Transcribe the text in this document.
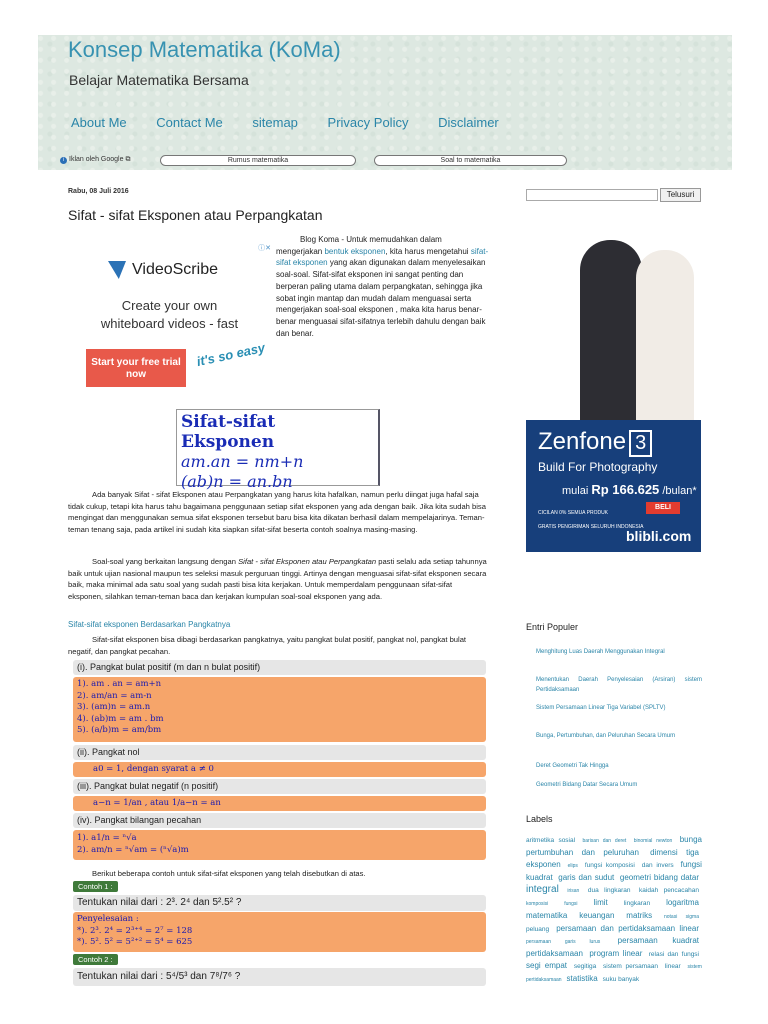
Konsep Matematika (KoMa)
Belajar Matematika Bersama
About Me Contact Me sitemap Privacy Policy Disclaimer
i Iklan oleh Google ⧉	Rumus matematika	Soal to matematika
Rabu, 08 Juli 2016
Sifat - sifat Eksponen atau Perpangkatan
ⓘ✕
VideoScribe
Create your own
whiteboard videos - fast
Start your free trial now
it's so easy
Blog Koma - Untuk memudahkan dalam mengerjakan bentuk eksponen, kita harus mengetahui sifat-sifat eksponen yang akan digunakan dalam menyelesaikan soal-soal. Sifat-sifat eksponen ini sangat penting dan berperan paling utama dalam perpangkatan, sehingga jika sobat ingin mantap dan mudah dalam menguasai serta mengerjakan soal-soal eksponen , maka kita harus benar-benar menguasai sifat-sifatnya terlebih dahulu dengan baik dan benar.
Sifat-sifat Eksponen
am.an = nm+n
(ab)n = an.bn
Ada banyak Sifat - sifat Eksponen atau Perpangkatan yang harus kita hafalkan, namun perlu diingat juga hafal saja tidak cukup, tetapi kita harus tahu bagaimana penggunaan setiap sifat eksponen yang ada dengan baik. Jika kita sudah bisa mengingat dan menggunakan semua sifat eksponen tersebut baru bisa kita dikatan berhasil dalam mempelajarinya. Teman-teman tenang saja, pada artikel ini sudah kita siapkan sifat-sifat beserta contoh soalnya masing-masing.
Soal-soal yang berkaitan langsung dengan Sifat - sifat Eksponen atau Perpangkatan pasti selalu ada setiap tahunnya baik untuk ujian nasional maupun tes seleksi masuk perguruan tinggi. Artinya dengan menguasai sifat-sifat eksponen secara baik, maka minimal ada satu soal yang sudah pasti bisa kita kerjakan. Untuk memperdalam penggunaan sifat-sifat eksponen, silahkan teman-teman baca dan kerjakan kumpulan soal-soal eksponen yang ada.
Sifat-sifat eksponen Berdasarkan Pangkatnya
Sifat-sifat eksponen bisa dibagi berdasarkan pangkatnya, yaitu pangkat bulat positif, pangkat nol, pangkat bulat negatif, dan pangkat pecahan.
(i). Pangkat bulat positif (m dan n bulat positif)
1). am . an = am+n
2). am/an = am-n
3). (am)n = am.n
4). (ab)m = am . bm
5). (a/b)m = am/bm
(ii). Pangkat nol
a0 = 1, dengan syarat a ≠ 0
(iii). Pangkat bulat negatif (n positif)
a−n = 1/an , atau 1/a−n = an
(iv). Pangkat bilangan pecahan
1). a1/n = ⁿ√a
2). am/n = ⁿ√am = (ⁿ√a)m
Berikut beberapa contoh untuk sifat-sifat eksponen yang telah disebutkan di atas.
Contoh 1 :
Tentukan nilai dari : 2³. 2⁴ dan 5².5² ?
Penyelesaian :
*). 2³. 2⁴ = 2³⁺⁴ = 2⁷ = 128
*). 5². 5² = 5²⁺² = 5⁴ = 625
Contoh 2 :
Tentukan nilai dari : 5⁴/5³ dan 7⁸/7⁶ ?
Telusuri
Zenfone 3
Build For Photography
mulai Rp 166.625 /bulan*
CICILAN 0% SEMUA PRODUK
GRATIS PENGIRIMAN SELURUH INDONESIA
BELI
blibli.com
Entri Populer
Menghitung Luas Daerah Menggunakan Integral
Menentukan Daerah Penyelesaian (Arsiran) sistem Pertidaksamaan
Sistem Persamaan Linear Tiga Variabel (SPLTV)
Bunga, Pertumbuhan, dan Peluruhan Secara Umum
Deret Geometri Tak Hingga
Geometri Bidang Datar Secara Umum
Labels
aritmetika sosial barisan dan deret binomial newton bunga pertumbuhan dan peluruhan dimensi tiga eksponen elips fungsi komposisi dan invers fungsi kuadrat garis dan sudut geometri bidang datar integral irisan dua lingkaran kaidah pencacahan komposisi	fungsi limit lingkaran logaritma matematika keuangan matriks notasi sigma peluang persamaan dan pertidaksamaan linear persamaan garis lurus persamaan kuadrat pertidaksamaan program linear relasi dan fungsi segi empat segitiga sistem persamaan linear sistem pertidaksamaan statistika suku banyak
